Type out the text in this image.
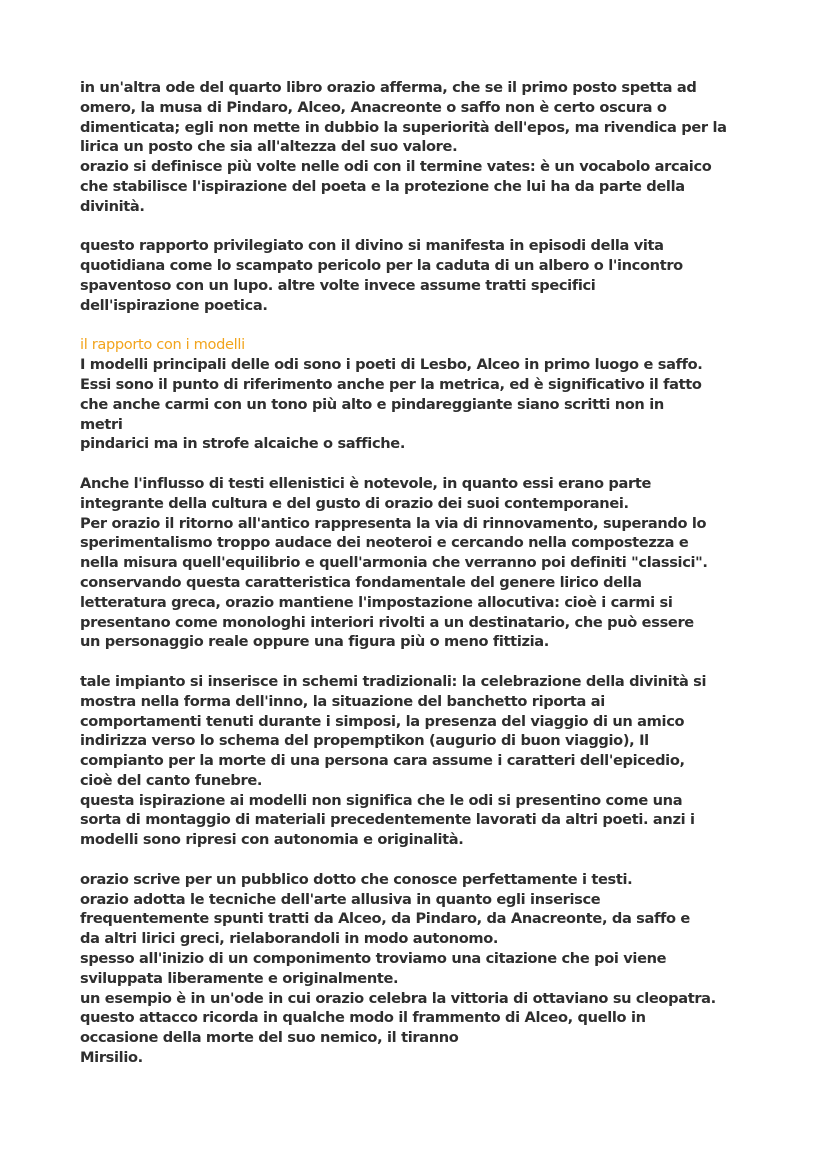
in un'altra ode del quarto libro orazio afferma, che se il primo posto spetta ad
omero, la musa di Pindaro, Alceo, Anacreonte o saffo non è certo oscura o
dimenticata; egli non mette in dubbio la superiorità dell'epos, ma rivendica per la
lirica un posto che sia all'altezza del suo valore.
orazio si definisce più volte nelle odi con il termine vates: è un vocabolo arcaico
che stabilisce l'ispirazione del poeta e la protezione che lui ha da parte della
divinità.
questo rapporto privilegiato con il divino si manifesta in episodi della vita
quotidiana come lo scampato pericolo per la caduta di un albero o l'incontro
spaventoso con un lupo. altre volte invece assume tratti specifici
dell'ispirazione poetica.
il rapporto con i modelli
I modelli principali delle odi sono i poeti di Lesbo, Alceo in primo luogo e saffo.
Essi sono il punto di riferimento anche per la metrica, ed è significativo il fatto
che anche carmi con un tono più alto e pindareggiante siano scritti non in
metri
pindarici ma in strofe alcaiche o saffiche.
Anche l'influsso di testi ellenistici è notevole, in quanto essi erano parte
integrante della cultura e del gusto di orazio dei suoi contemporanei.
Per orazio il ritorno all'antico rappresenta la via di rinnovamento, superando lo
sperimentalismo troppo audace dei neoteroi e cercando nella compostezza e
nella misura quell'equilibrio e quell'armonia che verranno poi definiti "classici".
conservando questa caratteristica fondamentale del genere lirico della
letteratura greca, orazio mantiene l'impostazione allocutiva: cioè i carmi si
presentano come monologhi interiori rivolti a un destinatario, che può essere
un personaggio reale oppure una figura più o meno fittizia.
tale impianto si inserisce in schemi tradizionali: la celebrazione della divinità si
mostra nella forma dell'inno, la situazione del banchetto riporta ai
comportamenti tenuti durante i simposi, la presenza del viaggio di un amico
indirizza verso lo schema del propemptikon (augurio di buon viaggio), Il
compianto per la morte di una persona cara assume i caratteri dell'epicedio,
cioè del canto funebre.
questa ispirazione ai modelli non significa che le odi si presentino come una
sorta di montaggio di materiali precedentemente lavorati da altri poeti. anzi i
modelli sono ripresi con autonomia e originalità.
orazio scrive per un pubblico dotto che conosce perfettamente i testi.
orazio adotta le tecniche dell'arte allusiva in quanto egli inserisce
frequentemente spunti tratti da Alceo, da Pindaro, da Anacreonte, da saffo e
da altri lirici greci, rielaborandoli in modo autonomo.
spesso all'inizio di un componimento troviamo una citazione che poi viene
sviluppata liberamente e originalmente.
un esempio è in un'ode in cui orazio celebra la vittoria di ottaviano su cleopatra.
questo attacco ricorda in qualche modo il frammento di Alceo, quello in
occasione della morte del suo nemico, il tiranno
Mirsilio.
